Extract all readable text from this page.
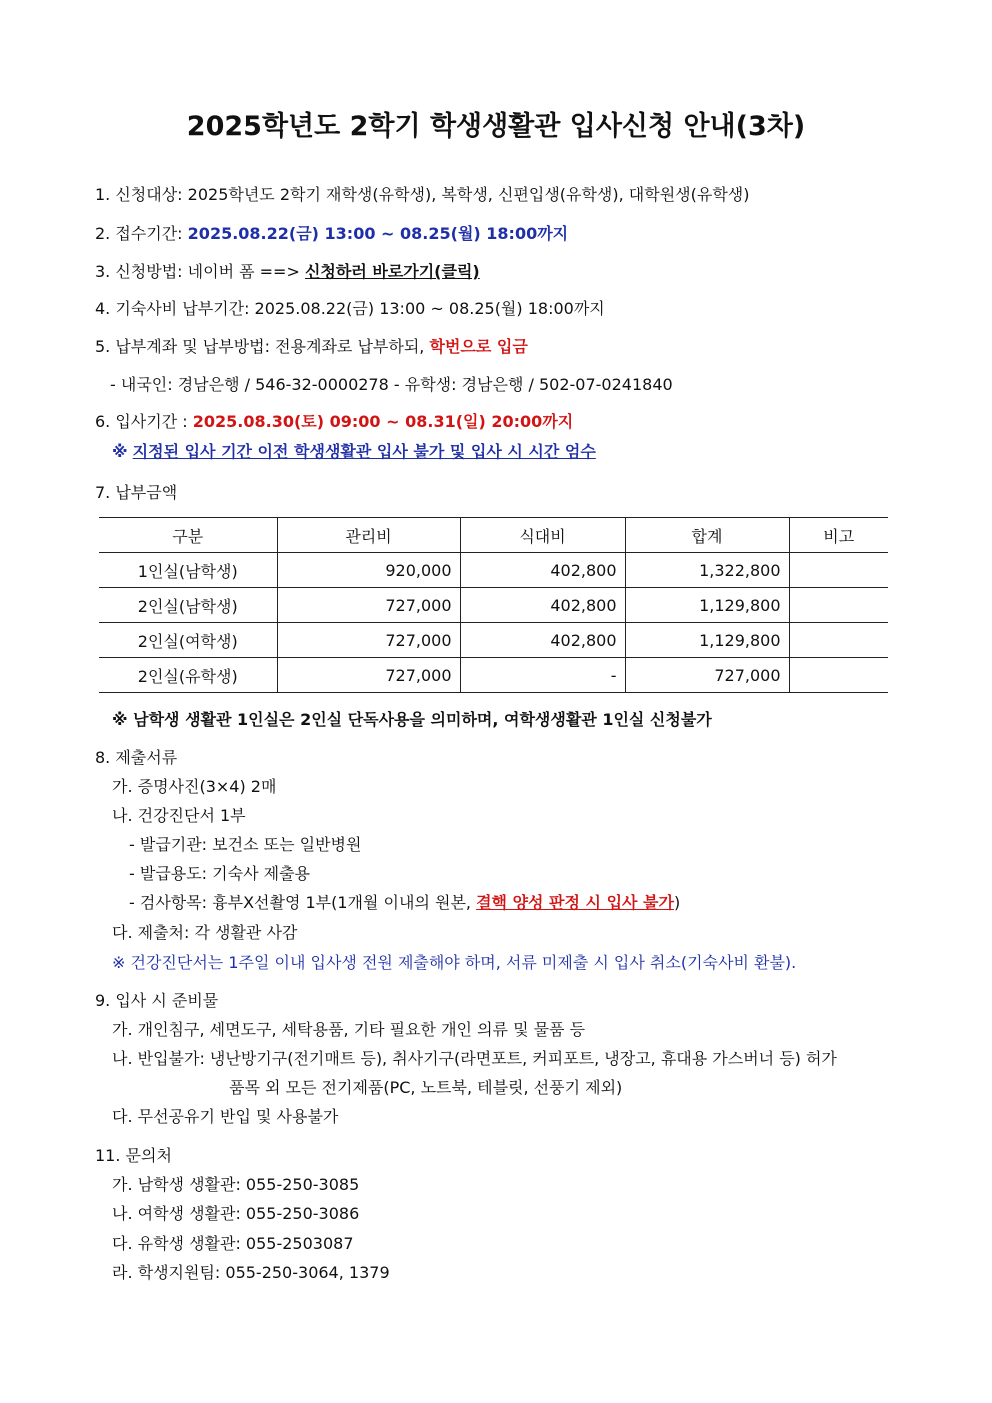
2025학년도 2학기 학생생활관 입사신청 안내(3차)
1. 신청대상: 2025학년도 2학기 재학생(유학생), 복학생, 신편입생(유학생), 대학원생(유학생)
2. 접수기간: 2025.08.22(금) 13:00 ~ 08.25(월) 18:00까지
3. 신청방법: 네이버 폼 ==> 신청하러 바로가기(클릭)
4. 기숙사비 납부기간: 2025.08.22(금) 13:00 ~ 08.25(월) 18:00까지
5. 납부계좌 및 납부방법: 전용계좌로 납부하되, 학번으로 입금
- 내국인: 경남은행 / 546-32-0000278 - 유학생: 경남은행 / 502-07-0241840
6. 입사기간 : 2025.08.30(토) 09:00 ~ 08.31(일) 20:00까지
※ 지정된 입사 기간 이전 학생생활관 입사 불가 및 입사 시 시간 엄수
7. 납부금액
구분	관리비	식대비	합계	비고
1인실(남학생)	920,000	402,800	1,322,800	
2인실(남학생)	727,000	402,800	1,129,800	
2인실(여학생)	727,000	402,800	1,129,800	
2인실(유학생)	727,000	-	727,000	
※ 남학생 생활관 1인실은 2인실 단독사용을 의미하며, 여학생생활관 1인실 신청불가
8. 제출서류
가. 증명사진(3×4) 2매
나. 건강진단서 1부
- 발급기관: 보건소 또는 일반병원
- 발급용도: 기숙사 제출용
- 검사항목: 흉부X선촬영 1부(1개월 이내의 원본, 결핵 양성 판정 시 입사 불가)
다. 제출처: 각 생활관 사감
※ 건강진단서는 1주일 이내 입사생 전원 제출해야 하며, 서류 미제출 시 입사 취소(기숙사비 환불).
9. 입사 시 준비물
가. 개인침구, 세면도구, 세탁용품, 기타 필요한 개인 의류 및 물품 등
나. 반입불가: 냉난방기구(전기매트 등), 취사기구(라면포트, 커피포트, 냉장고, 휴대용 가스버너 등) 허가
품목 외 모든 전기제품(PC, 노트북, 테블릿, 선풍기 제외)
다. 무선공유기 반입 및 사용불가
11. 문의처
가. 남학생 생활관: 055-250-3085
나. 여학생 생활관: 055-250-3086
다. 유학생 생활관: 055-2503087
라. 학생지원팀: 055-250-3064, 1379
